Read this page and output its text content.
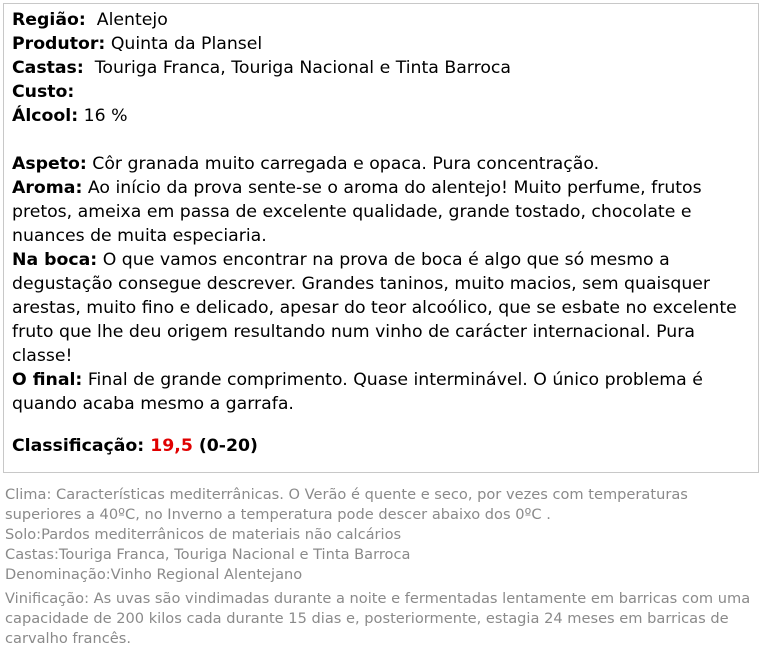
Região: Alentejo

Produtor: Quinta da Plansel

Castas: Touriga Franca, Touriga Nacional e Tinta Barroca

Custo:

Álcool: 16 %

Aspeto: Côr granada muito carregada e opaca. Pura concentração.

Aroma: Ao início da prova sente-se o aroma do alentejo! Muito perfume, frutos pretos, ameixa em passa de excelente qualidade, grande tostado, chocolate e nuances de muita especiaria.

Na boca: O que vamos encontrar na prova de boca é algo que só mesmo a degustação consegue descrever. Grandes taninos, muito macios, sem quaisquer arestas, muito fino e delicado, apesar do teor alcoólico, que se esbate no excelente fruto que lhe deu origem resultando num vinho de carácter internacional. Pura classe!

O final: Final de grande comprimento. Quase interminável. O único problema é quando acaba mesmo a garrafa.

Classificação: 19,5 (0-20)

Clima: Características mediterrânicas. O Verão é quente e seco, por vezes com temperaturas superiores a 40ºC, no Inverno a temperatura pode descer abaixo dos 0ºC .

Solo:Pardos mediterrânicos de materiais não calcários

Castas:Touriga Franca, Touriga Nacional e Tinta Barroca

Denominação:Vinho Regional Alentejano

Vinificação: As uvas são vindimadas durante a noite e fermentadas lentamente em barricas com uma capacidade de 200 kilos cada durante 15 dias e, posteriormente, estagia 24 meses em barricas de carvalho francês.
